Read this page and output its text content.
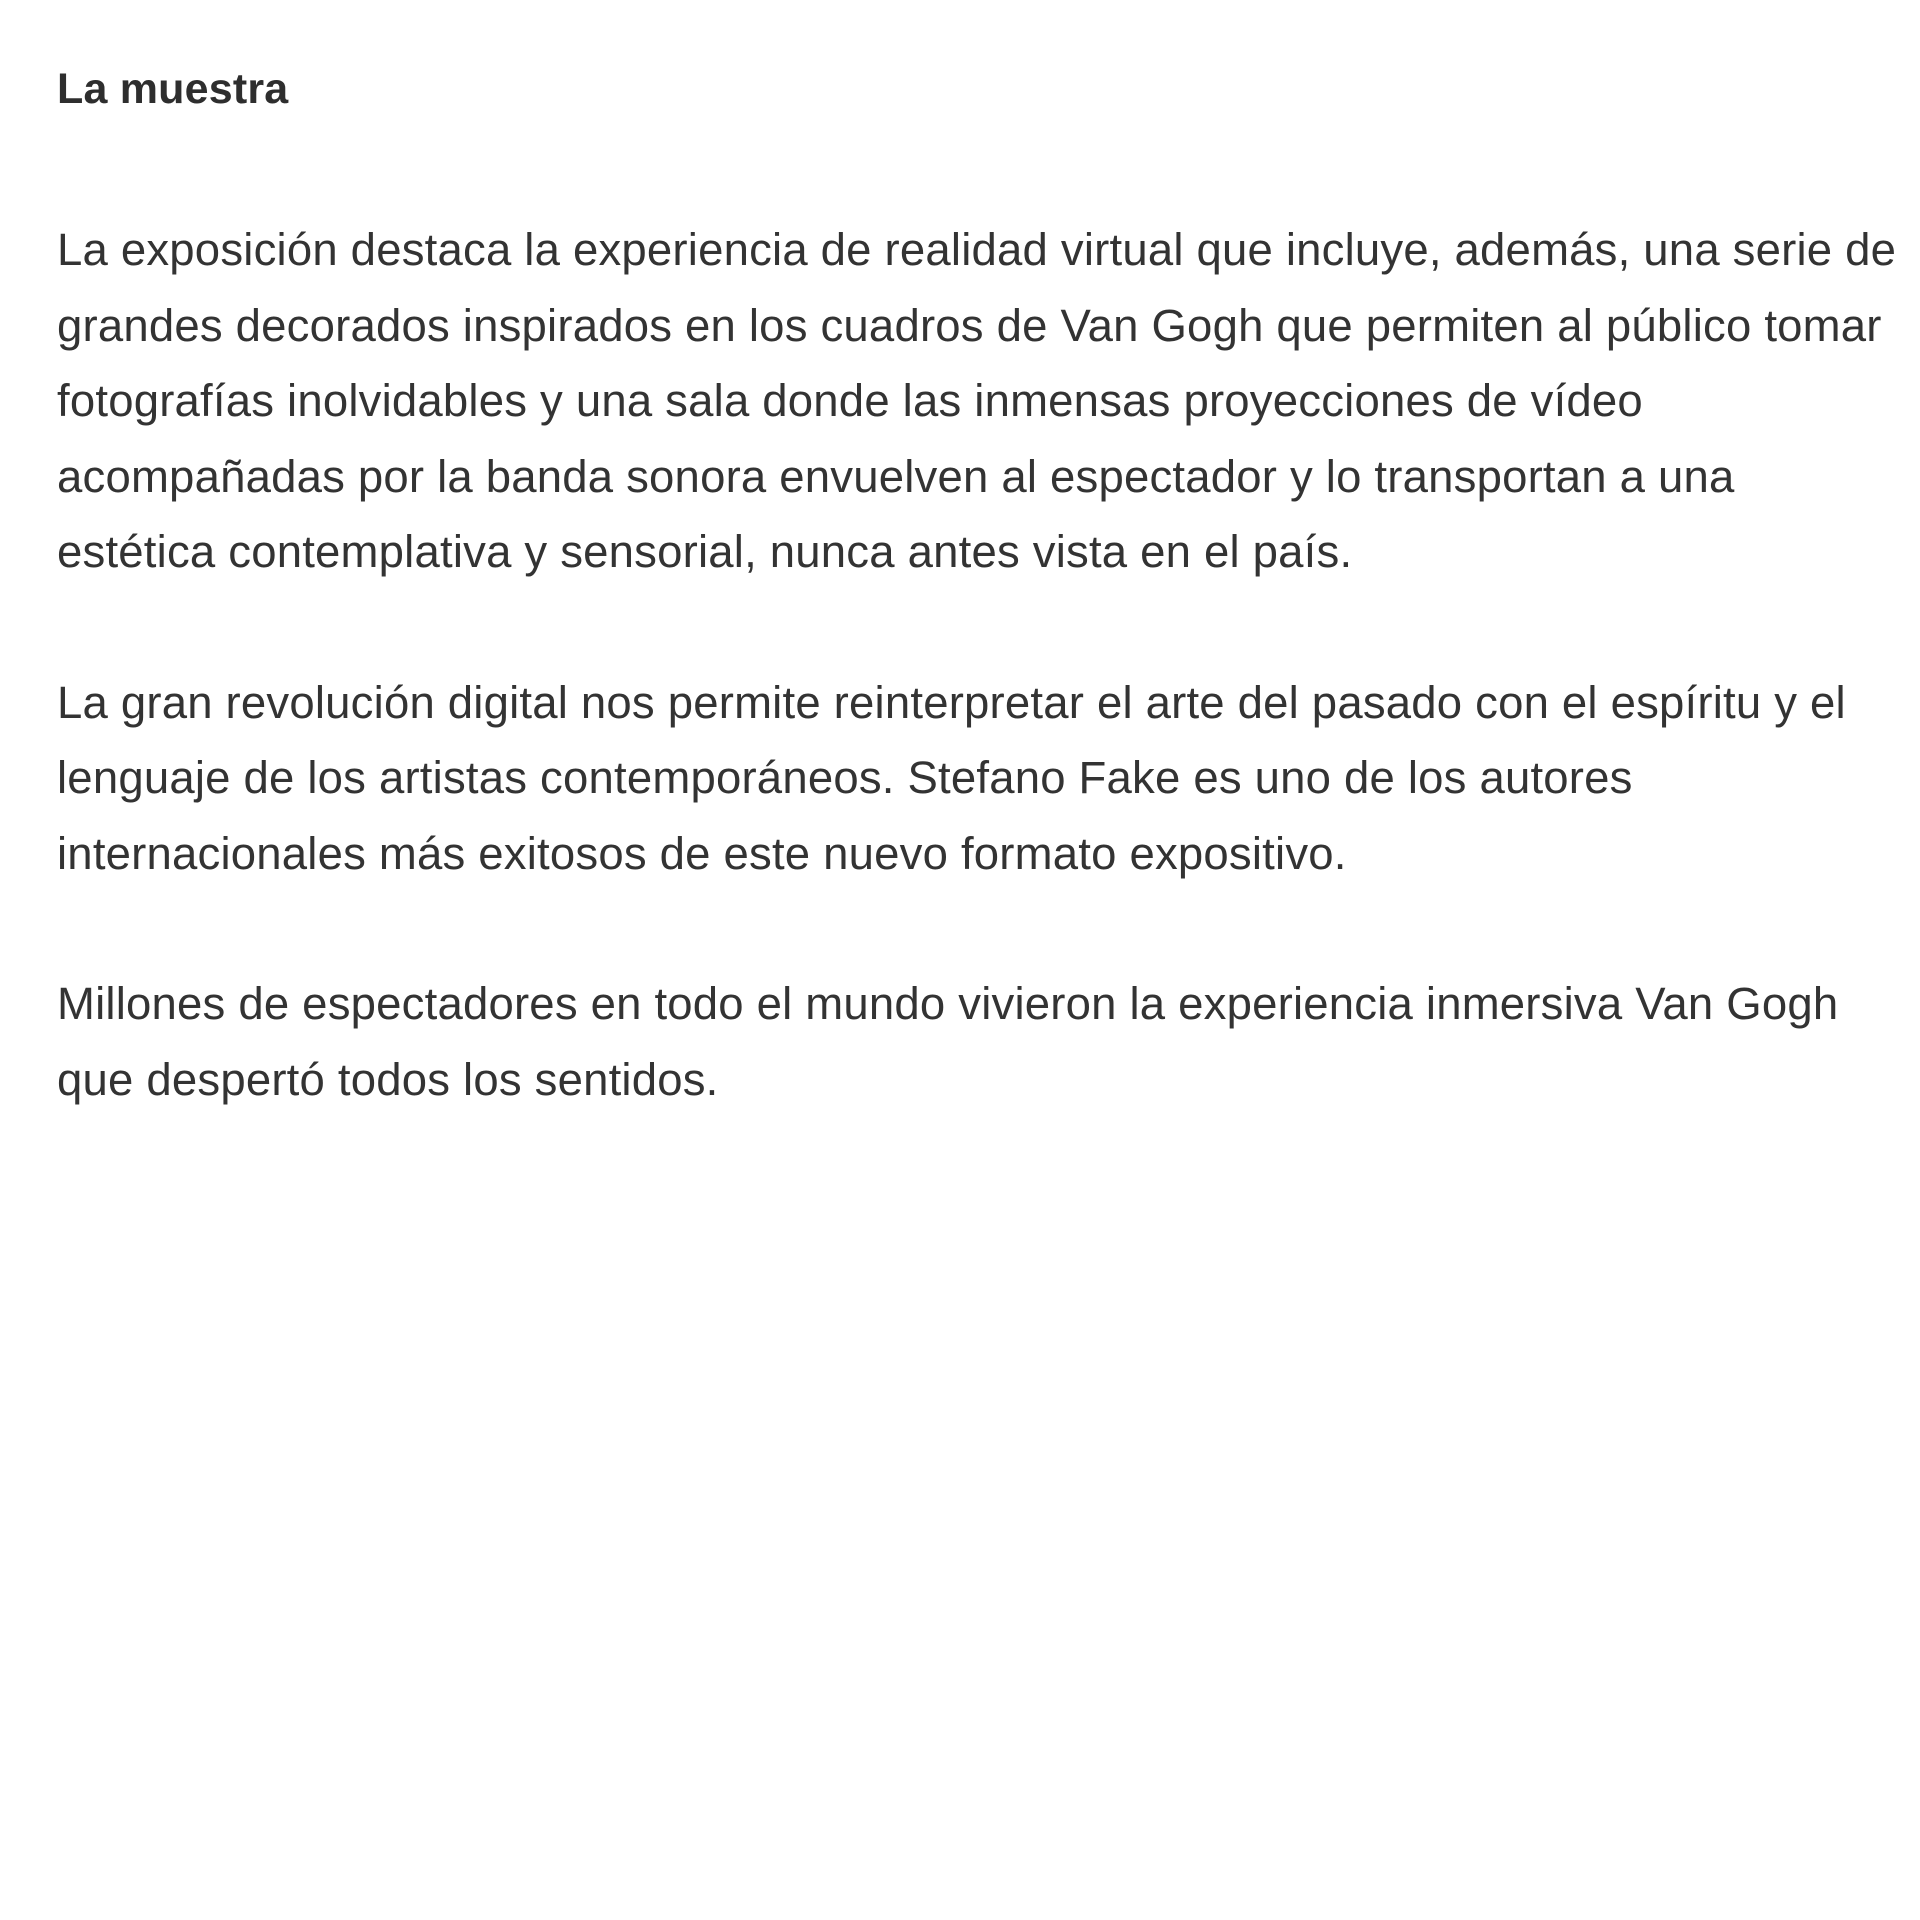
La muestra

La exposición destaca la experiencia de realidad virtual que incluye, además, una serie de grandes decorados inspirados en los cuadros de Van Gogh que permiten al público tomar fotografías inolvidables y una sala donde las inmensas proyecciones de vídeo acompañadas por la banda sonora envuelven al espectador y lo transportan a una estética contemplativa y sensorial, nunca antes vista en el país.

La gran revolución digital nos permite reinterpretar el arte del pasado con el espíritu y el lenguaje de los artistas contemporáneos. Stefano Fake es uno de los autores internacionales más exitosos de este nuevo formato expositivo.

Millones de espectadores en todo el mundo vivieron la experiencia inmersiva Van Gogh que despertó todos los sentidos.
